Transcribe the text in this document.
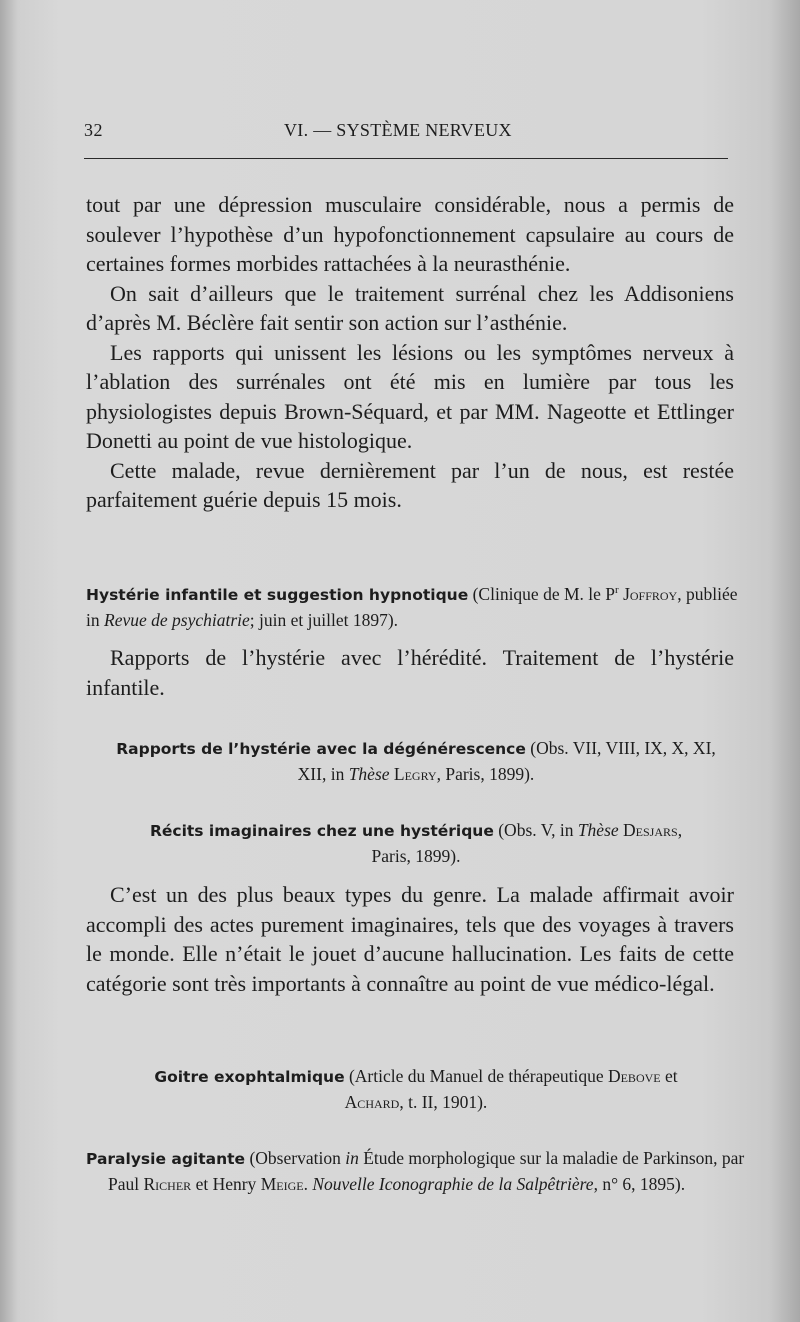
32	VI. — SYSTÈME NERVEUX

tout par une dépression musculaire considérable, nous a permis de soulever l’hypothèse d’un hypofonctionnement capsulaire au cours de certaines formes morbides rattachées à la neurasthénie.

On sait d’ailleurs que le traitement surrénal chez les Addisoniens d’après M. Béclère fait sentir son action sur l’asthénie.

Les rapports qui unissent les lésions ou les symptômes nerveux à l’ablation des surrénales ont été mis en lumière par tous les physiologistes depuis Brown-Séquard, et par MM. Nageotte et Ettlinger Donetti au point de vue histologique.

Cette malade, revue dernièrement par l’un de nous, est restée parfaitement guérie depuis 15 mois.

Hystérie infantile et suggestion hypnotique (Clinique de M. le $P^r$ Joffroy, publiée in Revue de psychiatrie; juin et juillet 1897).

Rapports de l’hystérie avec l’hérédité. Traitement de l’hystérie infantile.

Rapports de l’hystérie avec la dégénérescence (Obs. VII, VIII, IX, X, XI,
XII, in Thèse Legry, Paris, 1899).
Récits imaginaires chez une hystérique (Obs. V, in Thèse Desjars,
Paris, 1899).

C’est un des plus beaux types du genre. La malade affirmait avoir accompli des actes purement imaginaires, tels que des voyages à travers le monde. Elle n’était le jouet d’aucune hallucination. Les faits de cette catégorie sont très importants à connaître au point de vue médico-légal.

Goitre exophtalmique (Article du Manuel de thérapeutique Debove et
Achard, t. II, 1901).
Paralysie agitante (Observation in Étude morphologique sur la maladie de Parkinson, par Paul Richer et Henry Meige. Nouvelle Iconographie de la Salpêtrière, n° 6, 1895).
